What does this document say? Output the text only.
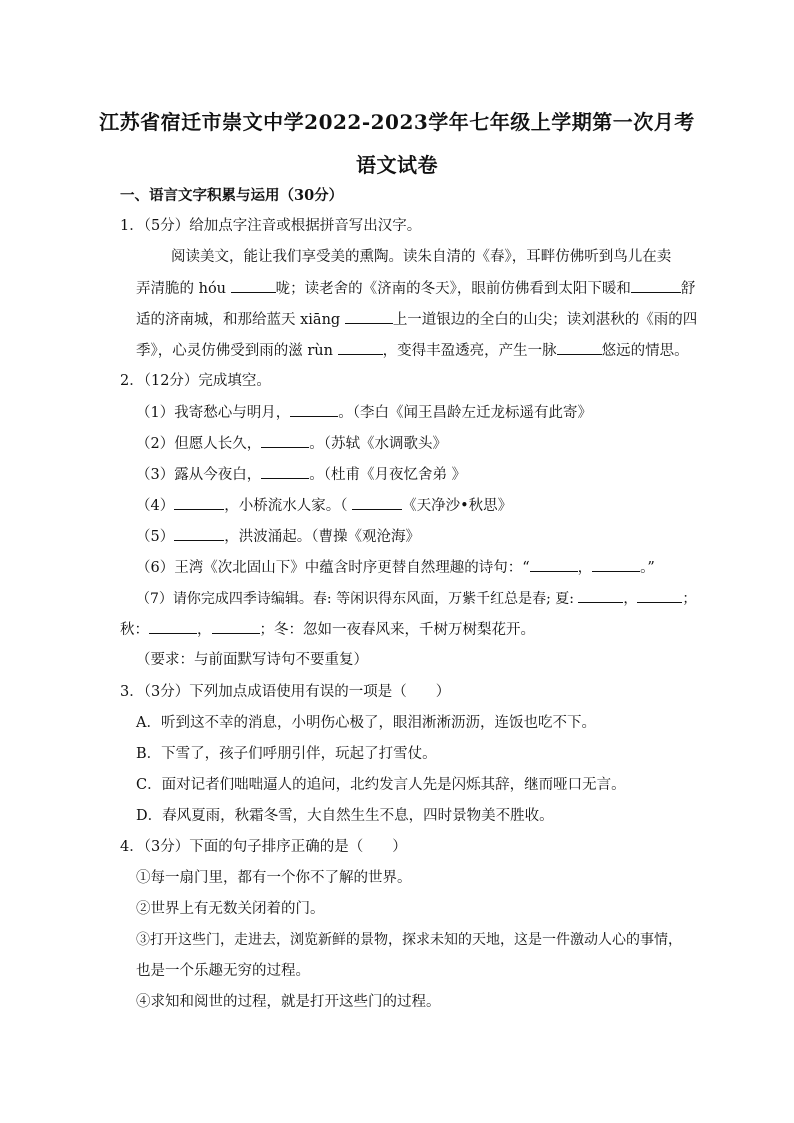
江苏省宿迁市崇文中学2022-2023学年七年级上学期第一次月考
语文试卷
一、语言文字积累与运用（30分）
1．（5分）给加点字注音或根据拼音写出汉字。
阅读美文，能让我们享受美的熏陶。读朱自清的《春》，耳畔仿佛听到鸟儿在卖
弄清脆的 hóu	咙；读老舍的《济南的冬天》，眼前仿佛看到太阳下暖和	舒
适的济南城，和那给蓝天 xiāng	上一道银边的全白的山尖；读刘湛秋的《雨的四
季》，心灵仿佛受到雨的滋 rùn	，变得丰盈透亮，产生一脉	悠远的情思。
2．（12分）完成填空。
（1）我寄愁心与明月，	。（李白《闻王昌龄左迁龙标遥有此寄》
（2）但愿人长久，	。（苏轼《水调歌头》
（3）露从今夜白，	。（杜甫《月夜忆舍弟 》
（4）	，小桥流水人家。（	《天净沙•秋思》
（5）	，洪波涌起。（曹操《观沧海》
（6）王湾《次北固山下》中蕴含时序更替自然理趣的诗句：“	，	。”
（7）请你完成四季诗编辑。春: 等闲识得东风面，万紫千红总是春; 夏:	，	；
秋：	，	；冬：忽如一夜春风来，千树万树梨花开。
（要求：与前面默写诗句不要重复）
3．（3分）下列加点成语使用有误的一项是（　　）
A．听到这不幸的消息，小明伤心极了，眼泪淅淅沥沥，连饭也吃不下。
B．下雪了，孩子们呼朋引伴，玩起了打雪仗。
C．面对记者们咄咄逼人的追问，北约发言人先是闪烁其辞，继而哑口无言。
D．春风夏雨，秋霜冬雪，大自然生生不息，四时景物美不胜收。
4．（3分）下面的句子排序正确的是（　　）
①每一扇门里，都有一个你不了解的世界。
②世界上有无数关闭着的门。
③打开这些门，走进去，浏览新鲜的景物，探求未知的天地，这是一件激动人心的事情，
也是一个乐趣无穷的过程。
④求知和阅世的过程，就是打开这些门的过程。
